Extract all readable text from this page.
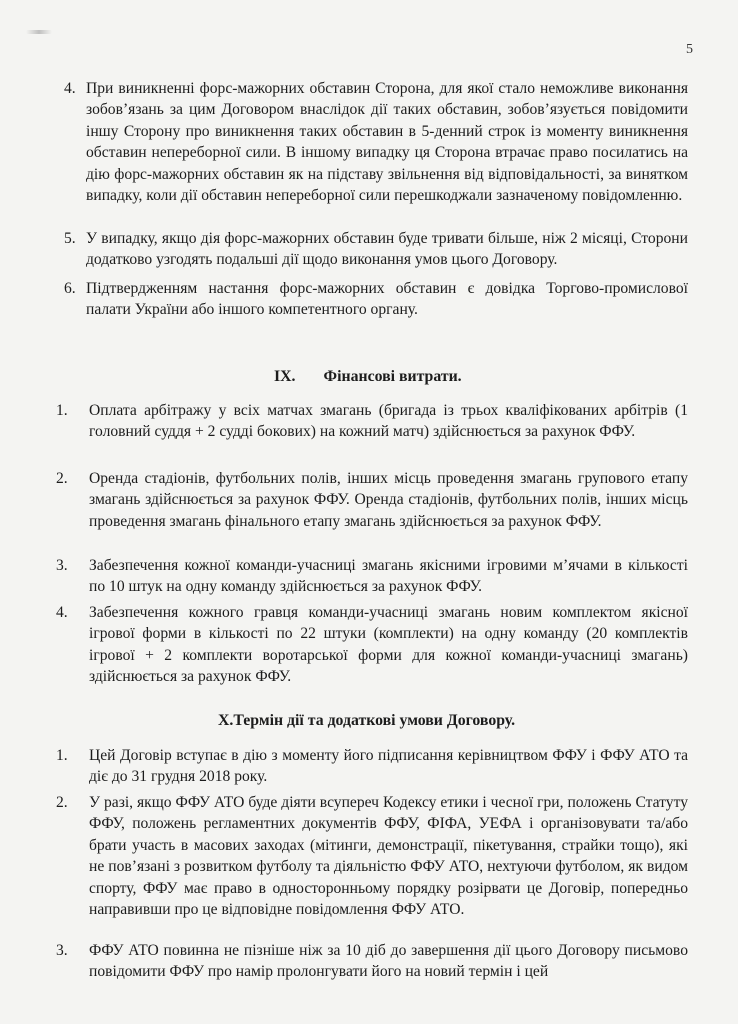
5
4. При виникненні форс-мажорних обставин Сторона, для якої стало неможливе виконання зобов’язань за цим Договором внаслідок дії таких обставин, зобов’язується повідомити іншу Сторону про виникнення таких обставин в 5-денний строк із моменту виникнення обставин непереборної сили. В іншому випадку ця Сторона втрачає право посилатись на дію форс-мажорних обставин як на підставу звільнення від відповідальності, за винятком випадку, коли дії обставин непереборної сили перешкоджали зазначеному повідомленню.
5. У випадку, якщо дія форс-мажорних обставин буде тривати більше, ніж 2 місяці, Сторони додатково узгодять подальші дії щодо виконання умов цього Договору.
6. Підтвердженням настання форс-мажорних обставин є довідка Торгово-промислової палати України або іншого компетентного органу.
IX. Фінансові витрати.
1. Оплата арбітражу у всіх матчах змагань (бригада із трьох кваліфікованих арбітрів (1 головний суддя + 2 судді бокових) на кожний матч) здійснюється за рахунок ФФУ.
2. Оренда стадіонів, футбольних полів, інших місць проведення змагань групового етапу змагань здійснюється за рахунок ФФУ. Оренда стадіонів, футбольних полів, інших місць проведення змагань фінального етапу змагань здійснюється за рахунок ФФУ.
3. Забезпечення кожної команди-учасниці змагань якісними ігровими м’ячами в кількості по 10 штук на одну команду здійснюється за рахунок ФФУ.
4. Забезпечення кожного гравця команди-учасниці змагань новим комплектом якісної ігрової форми в кількості по 22 штуки (комплекти) на одну команду (20 комплектів ігрової + 2 комплекти воротарської форми для кожної команди-учасниці змагань) здійснюється за рахунок ФФУ.
X.Термін дії та додаткові умови Договору.
1. Цей Договір вступає в дію з моменту його підписання керівництвом ФФУ і ФФУ АТО та діє до 31 грудня 2018 року.
2. У разі, якщо ФФУ АТО буде діяти всупереч Кодексу етики і чесної гри, положень Статуту ФФУ, положень регламентних документів ФФУ, ФІФА, УЕФА і організовувати та/або брати участь в масових заходах (мітинги, демонстрації, пікетування, страйки тощо), які не пов’язані з розвитком футболу та діяльністю ФФУ АТО, нехтуючи футболом, як видом спорту, ФФУ має право в односторонньому порядку розірвати це Договір, попередньо направивши про це відповідне повідомлення ФФУ АТО.
3. ФФУ АТО повинна не пізніше ніж за 10 діб до завершення дії цього Договору письмово повідомити ФФУ про намір пролонгувати його на новий термін і цей
